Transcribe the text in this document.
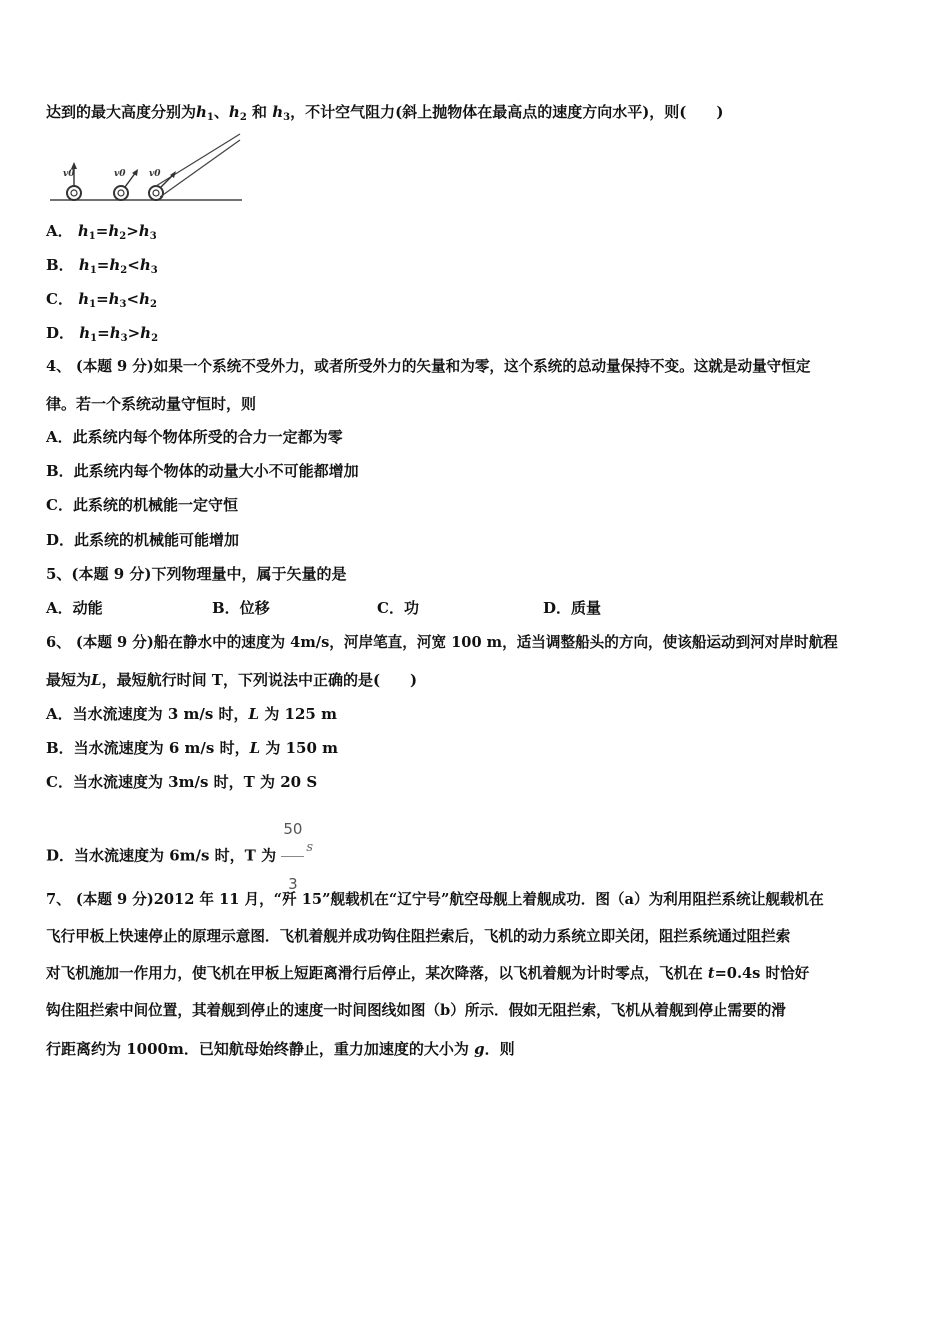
达到的最大高度分别为$h_1$、$h_2$ 和 $h_3$，不计空气阻力(斜上抛物体在最高点的速度方向水平)，则(　　)
v0	v0	v0
A． $h_1=h_2>h_3$
B． $h_1=h_2<h_3$
C． $h_1=h_3<h_2$
D． $h_1=h_3>h_2$
4、 (本题 9 分)如果一个系统不受外力，或者所受外力的矢量和为零，这个系统的总动量保持不变。这就是动量守恒定
律。若一个系统动量守恒时，则
A．此系统内每个物体所受的合力一定都为零
B．此系统内每个物体的动量大小不可能都增加
C．此系统的机械能一定守恒
D．此系统的机械能可能增加
5、(本题 9 分)下列物理量中，属于矢量的是
A．动能	B．位移	C．功	D．质量
6、 (本题 9 分)船在静水中的速度为 4m/s，河岸笔直，河宽 100 m，适当调整船头的方向，使该船运动到河对岸时航程
最短为L，最短航行时间 T，下列说法中正确的是(　　)
A．当水流速度为 3 m/s 时，L 为 125 m
B．当水流速度为 6 m/s 时，L 为 150 m
C．当水流速度为 3m/s 时，T 为 20 S
D．当水流速度为 6m/s 时，T 为 $\frac{50}{3}$ s
7、 (本题 9 分)2012 年 11 月，“歼 15”舰载机在“辽宁号”航空母舰上着舰成功．图（a）为利用阻拦系统让舰载机在
飞行甲板上快速停止的原理示意图．飞机着舰并成功钩住阻拦索后，飞机的动力系统立即关闭，阻拦系统通过阻拦索
对飞机施加一作用力，使飞机在甲板上短距离滑行后停止，某次降落，以飞机着舰为计时零点，飞机在 t=0.4s 时恰好
钩住阻拦索中间位置，其着舰到停止的速度一时间图线如图（b）所示．假如无阻拦索，飞机从着舰到停止需要的滑
行距离约为 1000m．已知航母始终静止，重力加速度的大小为 g．则
